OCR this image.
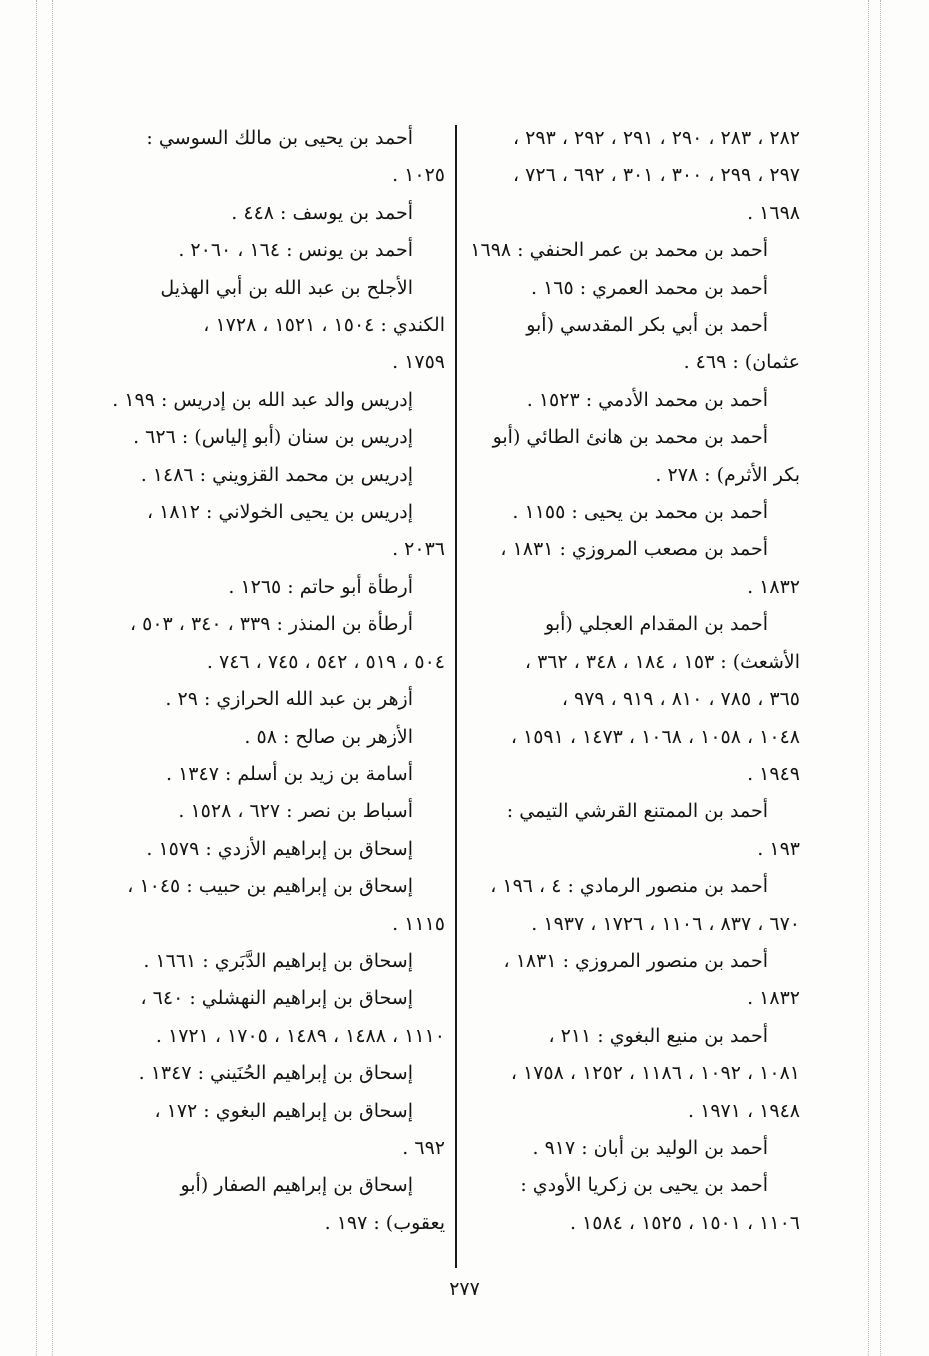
٢٨٢ ، ٢٨٣ ، ٢٩٠ ، ٢٩١ ، ٢٩٢ ، ٢٩٣ ،
٢٩٧ ، ٢٩٩ ، ٣٠٠ ، ٣٠١ ، ٦٩٢ ، ٧٢٦ ،
١٦٩٨ .

أحمد بن محمد بن عمر الحنفي : ١٦٩٨

أحمد بن محمد العمري : ١٦٥ .

أحمد بن أبي بكر المقدسي (أبو
عثمان) : ٤٦٩ .

أحمد بن محمد الأدمي : ١٥٢٣ .

أحمد بن محمد بن هانئ الطائي (أبو
بكر الأثرم) : ٢٧٨ .

أحمد بن محمد بن يحيى : ١١٥٥ .

أحمد بن مصعب المروزي : ١٨٣١ ،
١٨٣٢ .

أحمد بن المقدام العجلي (أبو
الأشعث) : ١٥٣ ، ١٨٤ ، ٣٤٨ ، ٣٦٢ ،
٣٦٥ ، ٧٨٥ ، ٨١٠ ، ٩١٩ ، ٩٧٩ ،
١٠٤٨ ، ١٠٥٨ ، ١٠٦٨ ، ١٤٧٣ ، ١٥٩١ ،
١٩٤٩ .

أحمد بن الممتنع القرشي التيمي :
١٩٣ .

أحمد بن منصور الرمادي : ٤ ، ١٩٦ ،
٦٧٠ ، ٨٣٧ ، ١١٠٦ ، ١٧٢٦ ، ١٩٣٧ .

أحمد بن منصور المروزي : ١٨٣١ ،
١٨٣٢ .

أحمد بن منيع البغوي : ٢١١ ،
١٠٨١ ، ١٠٩٢ ، ١١٨٦ ، ١٢٥٢ ، ١٧٥٨ ،
١٩٤٨ ، ١٩٧١ .

أحمد بن الوليد بن أبان : ٩١٧ .

أحمد بن يحيى بن زكريا الأودي :
١١٠٦ ، ١٥٠١ ، ١٥٢٥ ، ١٥٨٤ .

أحمد بن يحيى بن مالك السوسي :
١٠٢٥ .

أحمد بن يوسف : ٤٤٨ .

أحمد بن يونس : ١٦٤ ، ٢٠٦٠ .

الأجلح بن عبد الله بن أبي الهذيل
الكندي : ١٥٠٤ ، ١٥٢١ ، ١٧٢٨ ،
١٧٥٩ .

إدريس والد عبد الله بن إدريس : ١٩٩ .

إدريس بن سنان (أبو إلياس) : ٦٢٦ .

إدريس بن محمد القزويني : ١٤٨٦ .

إدريس بن يحيى الخولاني : ١٨١٢ ،
٢٠٣٦ .

أرطأة أبو حاتم : ١٢٦٥ .

أرطأة بن المنذر : ٣٣٩ ، ٣٤٠ ، ٥٠٣ ،
٥٠٤ ، ٥١٩ ، ٥٤٢ ، ٧٤٥ ، ٧٤٦ .

أزهر بن عبد الله الحرازي : ٢٩ .

الأزهر بن صالح : ٥٨ .

أسامة بن زيد بن أسلم : ١٣٤٧ .

أسباط بن نصر : ٦٢٧ ، ١٥٢٨ .

إسحاق بن إبراهيم الأزدي : ١٥٧٩ .

إسحاق بن إبراهيم بن حبيب : ١٠٤٥ ،
١١١٥ .

إسحاق بن إبراهيم الدَّبَري : ١٦٦١ .

إسحاق بن إبراهيم النهشلي : ٦٤٠ ،
١١١٠ ، ١٤٨٨ ، ١٤٨٩ ، ١٧٠٥ ، ١٧٢١ .

إسحاق بن إبراهيم الحُنَيني : ١٣٤٧ .

إسحاق بن إبراهيم البغوي : ١٧٢ ،
٦٩٢ .

إسحاق بن إبراهيم الصفار (أبو
يعقوب) : ١٩٧ .

٢٧٧
